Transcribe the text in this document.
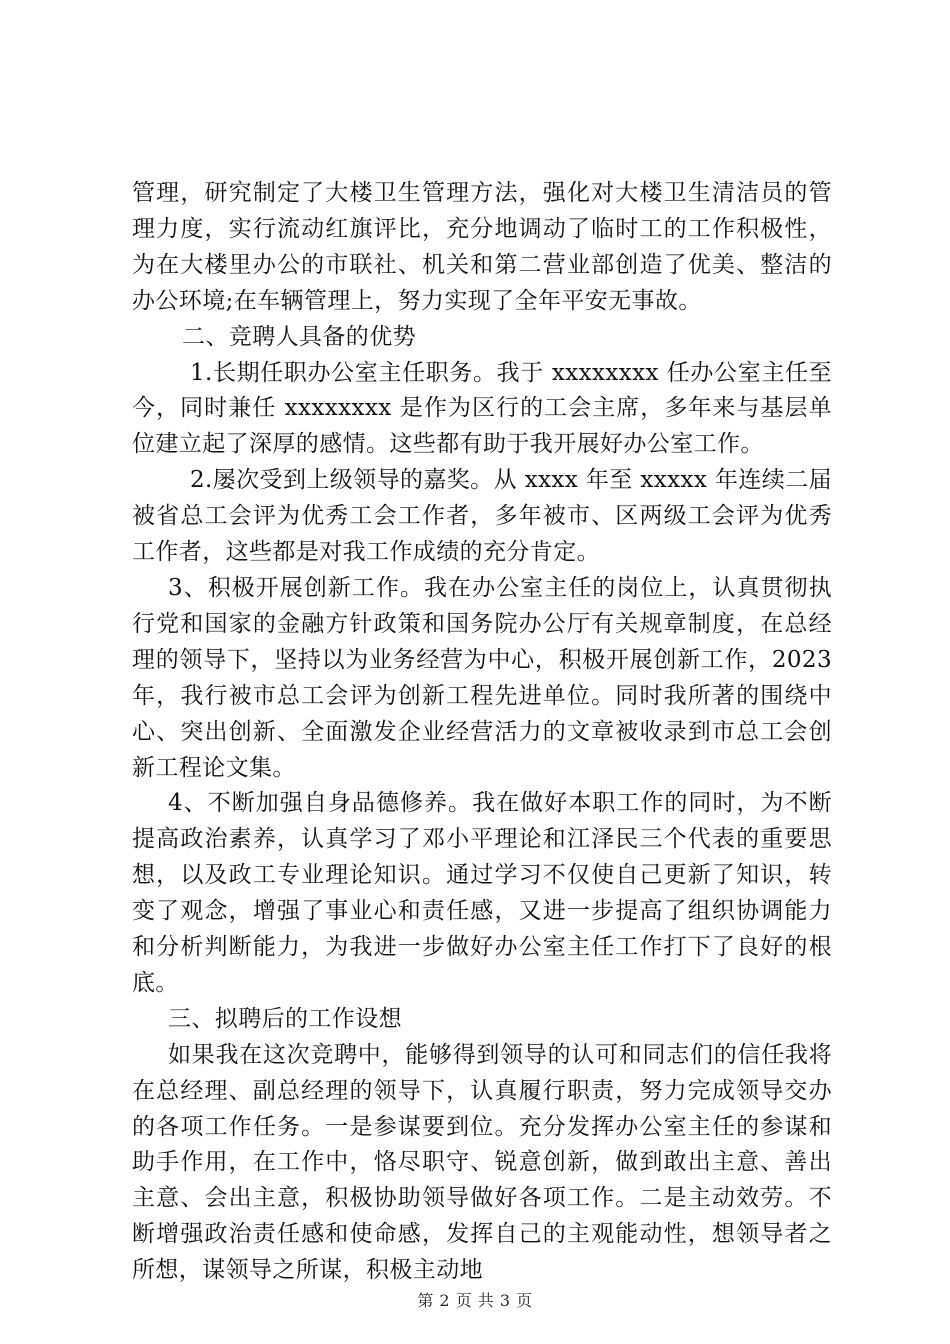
管理，研究制定了大楼卫生管理方法，强化对大楼卫生清洁员的管理力度，实行流动红旗评比，充分地调动了临时工的工作积极性，为在大楼里办公的市联社、机关和第二营业部创造了优美、整洁的办公环境;在车辆管理上，努力实现了全年平安无事故。

二、竞聘人具备的优势

1.长期任职办公室主任职务。我于 xxxxxxxx 任办公室主任至今，同时兼任 xxxxxxxx 是作为区行的工会主席，多年来与基层单位建立起了深厚的感情。这些都有助于我开展好办公室工作。

2.屡次受到上级领导的嘉奖。从 xxxx 年至 xxxxx 年连续二届被省总工会评为优秀工会工作者，多年被市、区两级工会评为优秀工作者，这些都是对我工作成绩的充分肯定。

3、积极开展创新工作。我在办公室主任的岗位上，认真贯彻执行党和国家的金融方针政策和国务院办公厅有关规章制度，在总经理的领导下，坚持以为业务经营为中心，积极开展创新工作，2023 年，我行被市总工会评为创新工程先进单位。同时我所著的围绕中心、突出创新、全面激发企业经营活力的文章被收录到市总工会创新工程论文集。

4、不断加强自身品德修养。我在做好本职工作的同时，为不断提高政治素养，认真学习了邓小平理论和江泽民三个代表的重要思想，以及政工专业理论知识。通过学习不仅使自己更新了知识，转变了观念，增强了事业心和责任感，又进一步提高了组织协调能力和分析判断能力，为我进一步做好办公室主任工作打下了良好的根底。

三、拟聘后的工作设想

如果我在这次竞聘中，能够得到领导的认可和同志们的信任我将在总经理、副总经理的领导下，认真履行职责，努力完成领导交办的各项工作任务。一是参谋要到位。充分发挥办公室主任的参谋和助手作用，在工作中，恪尽职守、锐意创新，做到敢出主意、善出主意、会出主意，积极协助领导做好各项工作。二是主动效劳。不断增强政治责任感和使命感，发挥自己的主观能动性，想领导者之所想，谋领导之所谋，积极主动地

第 2 页 共 3 页
